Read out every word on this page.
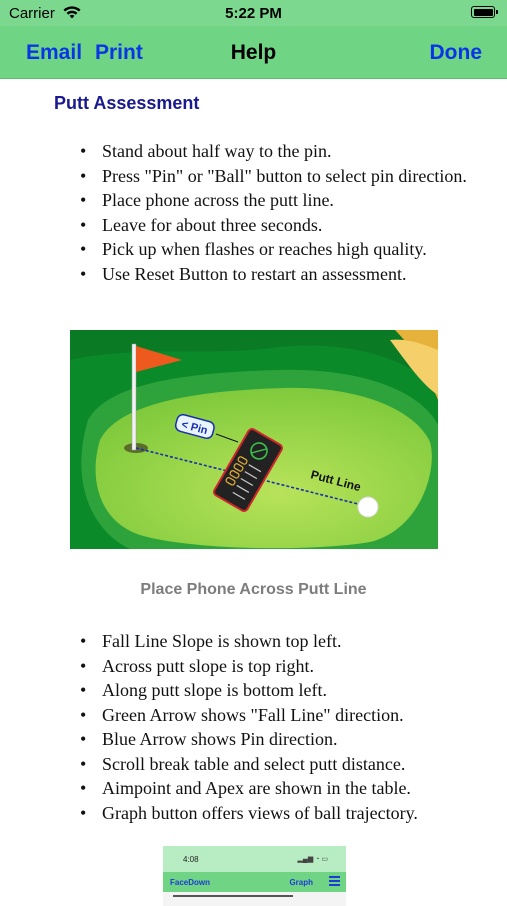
Carrier	5:22 PM
Email Print	Help	Done
Putt Assessment
• Stand about half way to the pin.
• Press "Pin" or "Ball" button to select pin direction.
• Place phone across the putt line.
• Leave for about three seconds.
• Pick up when flashes or reaches high quality.
• Use Reset Button to restart an assessment.
< Pin
Putt Line
Place Phone Across Putt Line
• Fall Line Slope is shown top left.
• Across putt slope is top right.
• Along putt slope is bottom left.
• Green Arrow shows "Fall Line" direction.
• Blue Arrow shows Pin direction.
• Scroll break table and select putt distance.
• Aimpoint and Apex are shown in the table.
• Graph button offers views of ball trajectory.
4:08	▂▄▆ ◔ ▭
FaceDown	Graph
